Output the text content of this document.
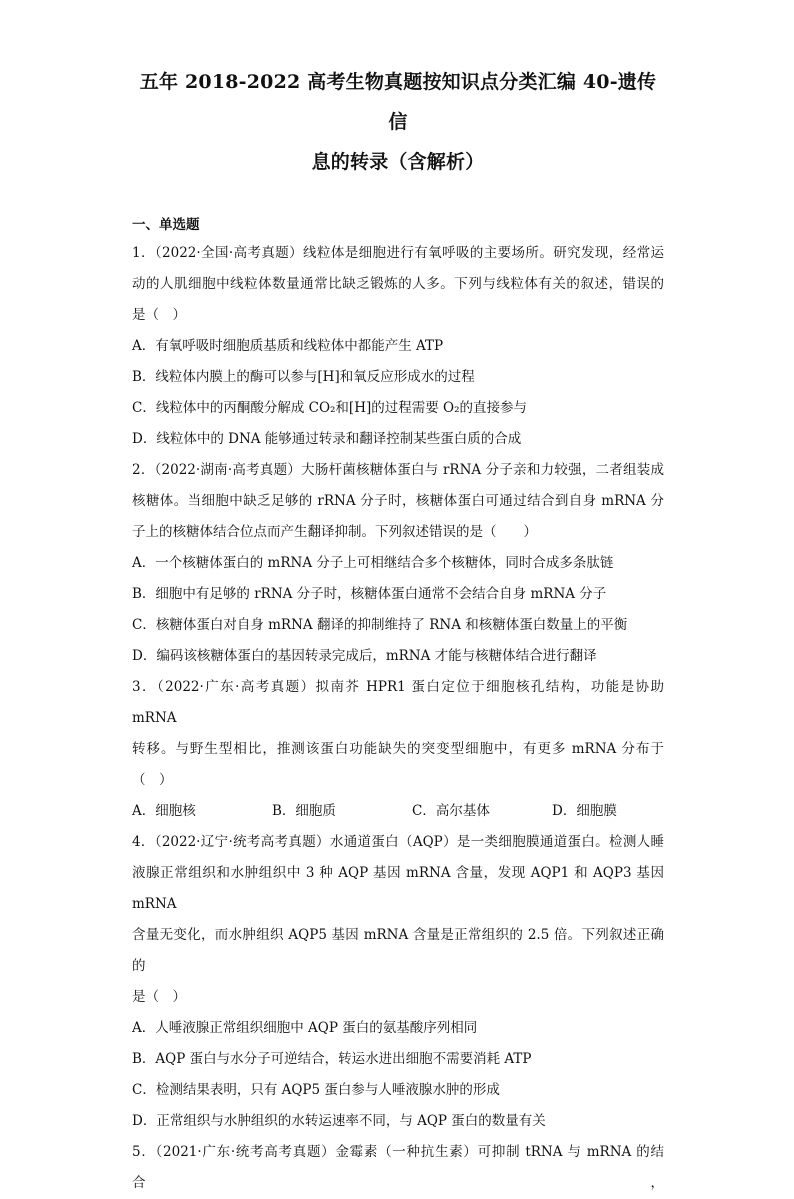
五年 2018-2022 高考生物真题按知识点分类汇编 40-遗传信
息的转录（含解析）
一、单选题

1．（2022·全国·高考真题）线粒体是细胞进行有氧呼吸的主要场所。研究发现，经常运

动的人肌细胞中线粒体数量通常比缺乏锻炼的人多。下列与线粒体有关的叙述，错误的

是（　）

A．有氧呼吸时细胞质基质和线粒体中都能产生 ATP

B．线粒体内膜上的酶可以参与[H]和氧反应形成水的过程

C．线粒体中的丙酮酸分解成 CO₂和[H]的过程需要 O₂的直接参与

D．线粒体中的 DNA 能够通过转录和翻译控制某些蛋白质的合成

2．（2022·湖南·高考真题）大肠杆菌核糖体蛋白与 rRNA 分子亲和力较强，二者组装成

核糖体。当细胞中缺乏足够的 rRNA 分子时，核糖体蛋白可通过结合到自身 mRNA 分

子上的核糖体结合位点而产生翻译抑制。下列叙述错误的是（　　）

A．一个核糖体蛋白的 mRNA 分子上可相继结合多个核糖体，同时合成多条肽链

B．细胞中有足够的 rRNA 分子时，核糖体蛋白通常不会结合自身 mRNA 分子

C．核糖体蛋白对自身 mRNA 翻译的抑制维持了 RNA 和核糖体蛋白数量上的平衡

D．编码该核糖体蛋白的基因转录完成后，mRNA 才能与核糖体结合进行翻译

3．（2022·广东·高考真题）拟南芥 HPR1 蛋白定位于细胞核孔结构，功能是协助 mRNA

转移。与野生型相比，推测该蛋白功能缺失的突变型细胞中，有更多 mRNA 分布于

（　）

A．细胞核	B．细胞质	C．高尔基体	D．细胞膜

4．（2022·辽宁·统考高考真题）水通道蛋白（AQP）是一类细胞膜通道蛋白。检测人睡

液腺正常组织和水肿组织中 3 种 AQP 基因 mRNA 含量，发现 AQP1 和 AQP3 基因 mRNA

含量无变化，而水肿组织 AQP5 基因 mRNA 含量是正常组织的 2.5 倍。下列叙述正确的

是（　）

A．人唾液腺正常组织细胞中 AQP 蛋白的氨基酸序列相同

B．AQP 蛋白与水分子可逆结合，转运水进出细胞不需要消耗 ATP

C．检测结果表明，只有 AQP5 蛋白参与人唾液腺水肿的形成

D．正常组织与水肿组织的水转运速率不同，与 AQP 蛋白的数量有关

5．（2021·广东·统考高考真题）金霉素（一种抗生素）可抑制 tRNA 与 mRNA 的结合，
